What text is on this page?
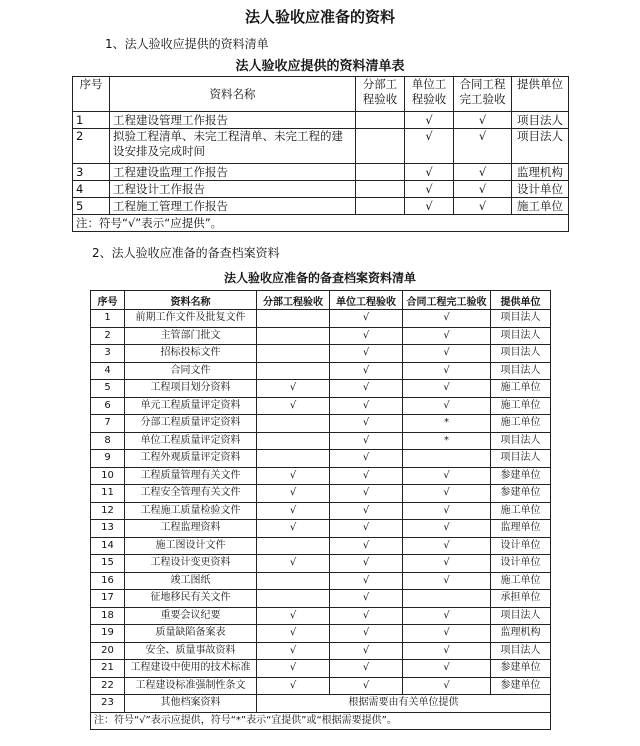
法人验收应准备的资料
1、法人验收应提供的资料清单
法人验收应提供的资料清单表
序号	资料名称	分部工程验收	单位工程验收	合同工程完工验收	提供单位
1	工程建设管理工作报告		√	√	项目法人
2	拟验工程清单、未完工程清单、未完工程的建设安排及完成时间		√	√	项目法人
3	工程建设监理工作报告		√	√	监理机构
4	工程设计工作报告		√	√	设计单位
5	工程施工管理工作报告		√	√	施工单位
注：符号“√”表示“应提供”。					
2、法人验收应准备的备查档案资料
法人验收应准备的备查档案资料清单
序号	资料名称	分部工程验收	单位工程验收	合同工程完工验收	提供单位
1	前期工作文件及批复文件		√	√	项目法人
2	主管部门批文		√	√	项目法人
3	招标投标文件		√	√	项目法人
4	合同文件		√	√	项目法人
5	工程项目划分资料	√	√	√	施工单位
6	单元工程质量评定资料	√	√	√	施工单位
7	分部工程质量评定资料		√	*	施工单位
8	单位工程质量评定资料		√	*	项目法人
9	工程外观质量评定资料		√		项目法人
10	工程质量管理有关文件	√	√	√	参建单位
11	工程安全管理有关文件	√	√	√	参建单位
12	工程施工质量检验文件	√	√	√	施工单位
13	工程监理资料	√	√	√	监理单位
14	施工图设计文件		√	√	设计单位
15	工程设计变更资料	√	√	√	设计单位
16	竣工图纸		√	√	施工单位
17	征地移民有关文件		√		承担单位
18	重要会议纪要	√	√	√	项目法人
19	质量缺陷备案表	√	√	√	监理机构
20	安全、质量事故资料	√	√	√	项目法人
21	工程建设中使用的技术标准	√	√	√	参建单位
22	工程建设标准强制性条文	√	√	√	参建单位
23	其他档案资料	根据需要由有关单位提供			
注：符号“√”表示应提供，符号“*”表示“宜提供”或“根据需要提供”。					
